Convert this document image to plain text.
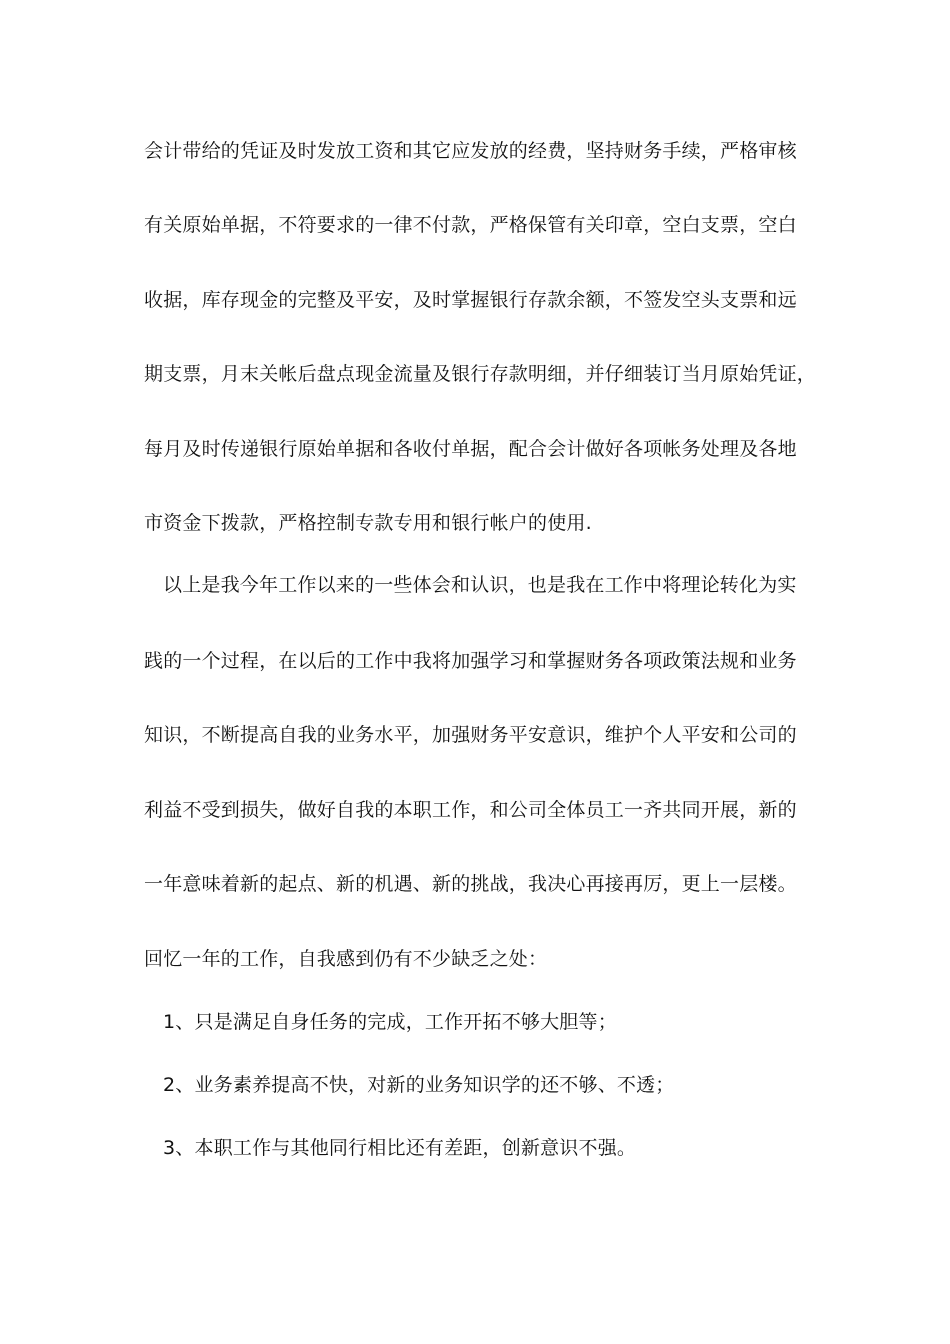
会计带给的凭证及时发放工资和其它应发放的经费，坚持财务手续，严格审核
有关原始单据，不符要求的一律不付款，严格保管有关印章，空白支票，空白
收据，库存现金的完整及平安，及时掌握银行存款余额，不签发空头支票和远
期支票，月末关帐后盘点现金流量及银行存款明细，并仔细装订当月原始凭证，
每月及时传递银行原始单据和各收付单据，配合会计做好各项帐务处理及各地
市资金下拨款，严格控制专款专用和银行帐户的使用.
以上是我今年工作以来的一些体会和认识，也是我在工作中将理论转化为实
践的一个过程，在以后的工作中我将加强学习和掌握财务各项政策法规和业务
知识，不断提高自我的业务水平，加强财务平安意识，维护个人平安和公司的
利益不受到损失，做好自我的本职工作，和公司全体员工一齐共同开展，新的
一年意味着新的起点、新的机遇、新的挑战，我决心再接再厉，更上一层楼。
回忆一年的工作，自我感到仍有不少缺乏之处：
1、只是满足自身任务的完成，工作开拓不够大胆等；
2、业务素养提高不快，对新的业务知识学的还不够、不透；
3、本职工作与其他同行相比还有差距，创新意识不强。
